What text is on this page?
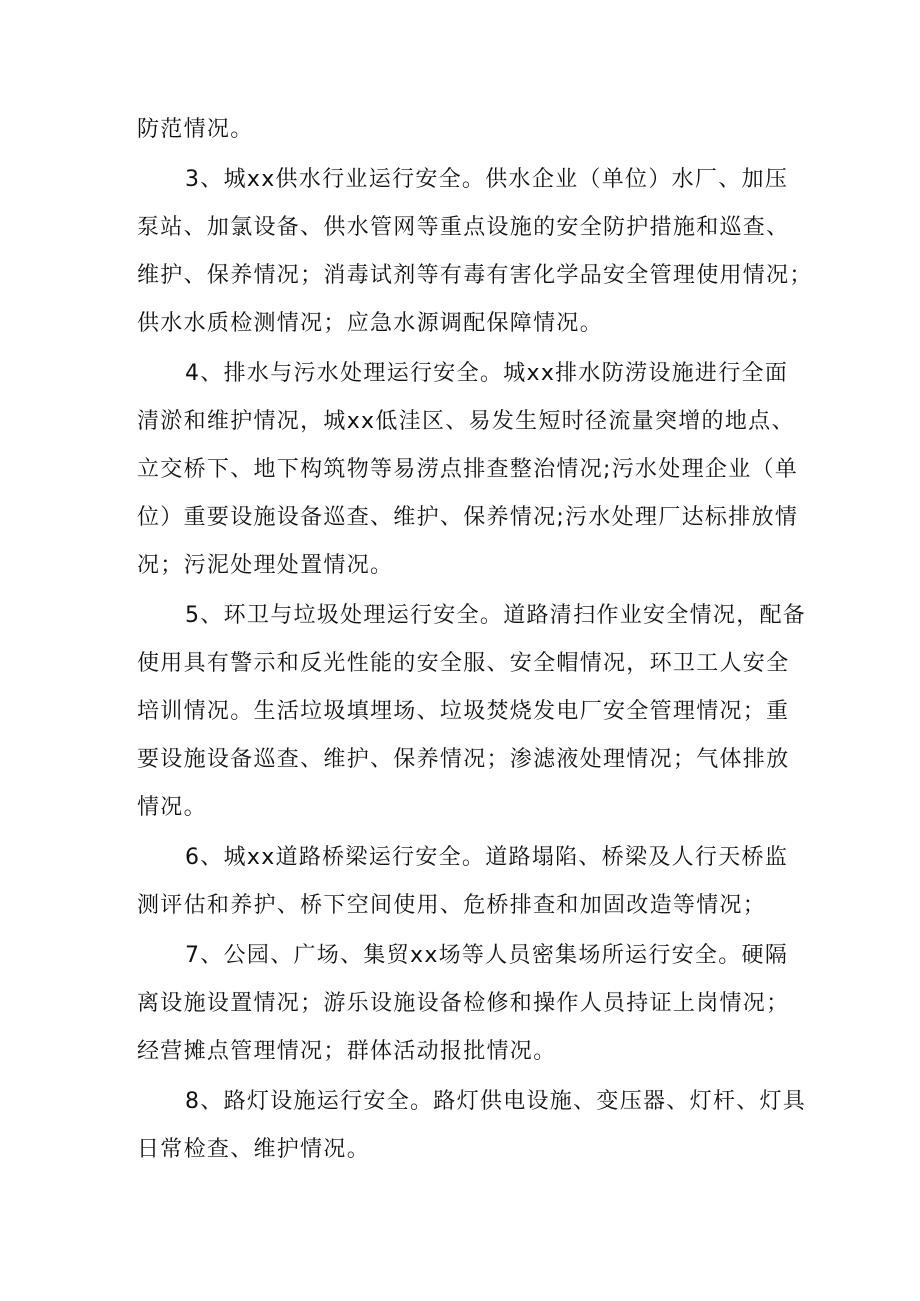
防范情况。
3、城xx供水行业运行安全。供水企业（单位）水厂、加压
泵站、加氯设备、供水管网等重点设施的安全防护措施和巡查、
维护、保养情况；消毒试剂等有毒有害化学品安全管理使用情况；
供水水质检测情况；应急水源调配保障情况。
4、排水与污水处理运行安全。城xx排水防涝设施进行全面
清淤和维护情况，城xx低洼区、易发生短时径流量突增的地点、
立交桥下、地下构筑物等易涝点排查整治情况;污水处理企业（单
位）重要设施设备巡查、维护、保养情况;污水处理厂达标排放情
况；污泥处理处置情况。
5、环卫与垃圾处理运行安全。道路清扫作业安全情况，配备
使用具有警示和反光性能的安全服、安全帽情况，环卫工人安全
培训情况。生活垃圾填埋场、垃圾焚烧发电厂安全管理情况；重
要设施设备巡查、维护、保养情况；渗滤液处理情况；气体排放
情况。
6、城xx道路桥梁运行安全。道路塌陷、桥梁及人行天桥监
测评估和养护、桥下空间使用、危桥排查和加固改造等情况；
7、公园、广场、集贸xx场等人员密集场所运行安全。硬隔
离设施设置情况；游乐设施设备检修和操作人员持证上岗情况；
经营摊点管理情况；群体活动报批情况。
8、路灯设施运行安全。路灯供电设施、变压器、灯杆、灯具
日常检查、维护情况。
